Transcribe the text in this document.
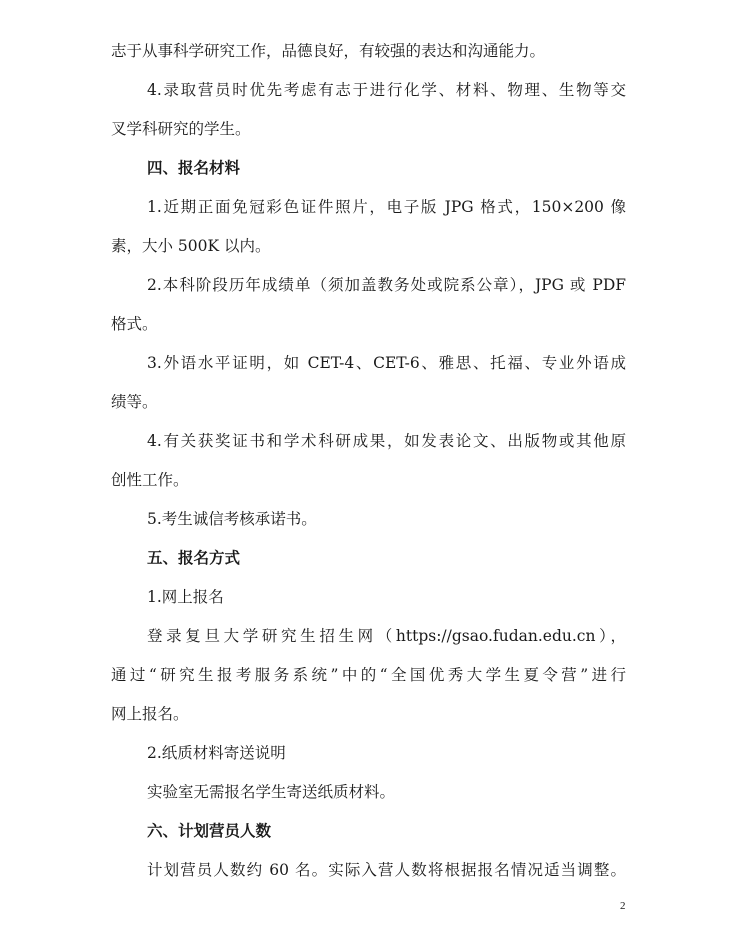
志于从事科学研究工作，品德良好，有较强的表达和沟通能力。
4.录取营员时优先考虑有志于进行化学、材料、物理、生物等交
叉学科研究的学生。
四、报名材料
1.近期正面免冠彩色证件照片，电子版 JPG 格式，150×200 像
素，大小 500K 以内。
2.本科阶段历年成绩单（须加盖教务处或院系公章），JPG 或 PDF
格式。
3.外语水平证明，如 CET-4、CET-6、雅思、托福、专业外语成
绩等。
4.有关获奖证书和学术科研成果，如发表论文、出版物或其他原
创性工作。
5.考生诚信考核承诺书。
五、报名方式
1.网上报名
登录复旦大学研究生招生网（https://gsao.fudan.edu.cn），
通过“研究生报考服务系统”中的“全国优秀大学生夏令营”进行
网上报名。
2.纸质材料寄送说明
实验室无需报名学生寄送纸质材料。
六、计划营员人数
计划营员人数约 60 名。实际入营人数将根据报名情况适当调整。
2
